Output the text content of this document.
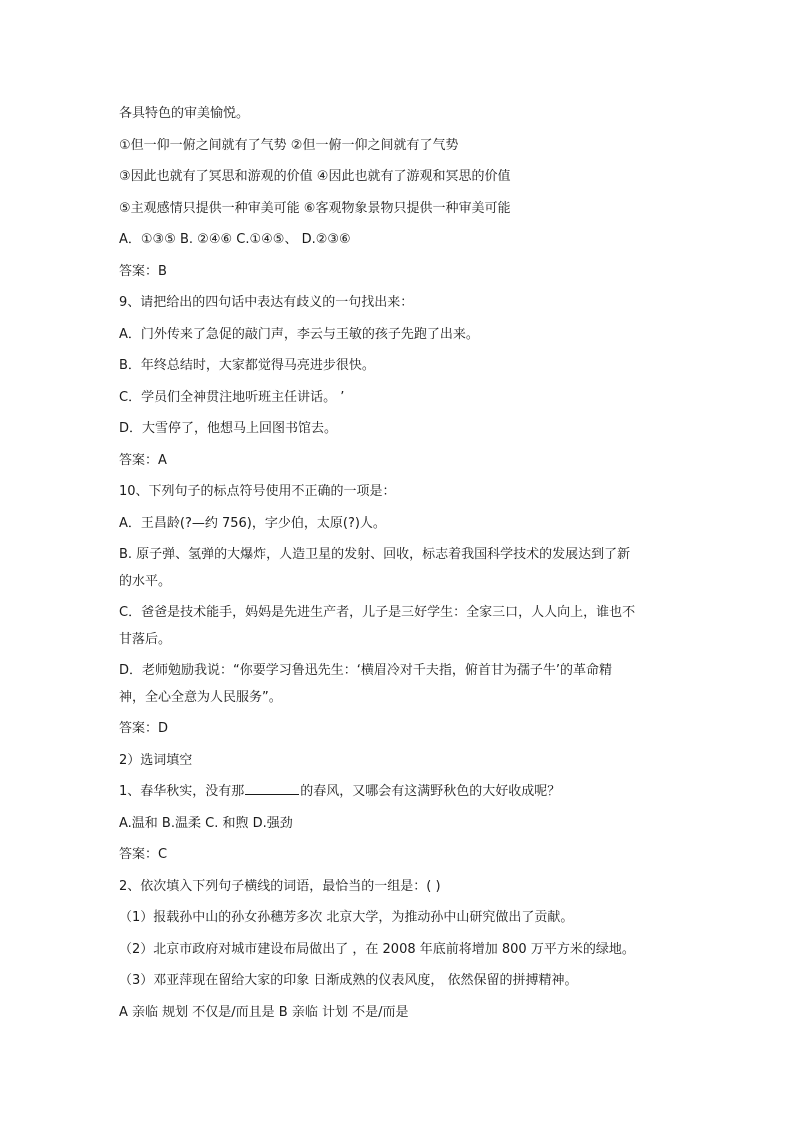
各具特色的审美愉悦。
①但一仰一俯之间就有了气势 ②但一俯一仰之间就有了气势
③因此也就有了冥思和游观的价值 ④因此也就有了游观和冥思的价值
⑤主观感情只提供一种审美可能 ⑥客观物象景物只提供一种审美可能
A．①③⑤ B. ②④⑥ C.①④⑤、 D.②③⑥
答案：B
9、请把给出的四句话中表达有歧义的一句找出来：
A．门外传来了急促的敲门声，李云与王敏的孩子先跑了出来。
B．年终总结时，大家都觉得马亮进步很快。
C．学员们全神贯注地听班主任讲话。 ’
D．大雪停了，他想马上回图书馆去。
答案：A
10、下列句子的标点符号使用不正确的一项是：
A．王昌龄(?—约 756)，字少伯，太原(?)人。
B. 原子弹、氢弹的大爆炸，人造卫星的发射、回收，标志着我国科学技术的发展达到了新
的水平。
C．爸爸是技术能手，妈妈是先进生产者，儿子是三好学生：全家三口，人人向上，谁也不
甘落后。
D．老师勉励我说：“你要学习鲁迅先生：‘横眉冷对千夫指，俯首甘为孺子牛’的革命精
神，全心全意为人民服务”。
答案：D
2）选词填空
1、春华秋实，没有那	的春风，又哪会有这满野秋色的大好收成呢？
A.温和 B.温柔 C. 和煦 D.强劲
答案：C
2、依次填入下列句子横线的词语，最恰当的一组是：( )
（1）报载孙中山的孙女孙穗芳多次 北京大学，为推动孙中山研究做出了贡献。
（2）北京市政府对城市建设布局做出了 ，在 2008 年底前将增加 800 万平方米的绿地。
（3）邓亚萍现在留给大家的印象 日渐成熟的仪表风度， 依然保留的拼搏精神。
A 亲临 规划 不仅是/而且是 B 亲临 计划 不是/而是
